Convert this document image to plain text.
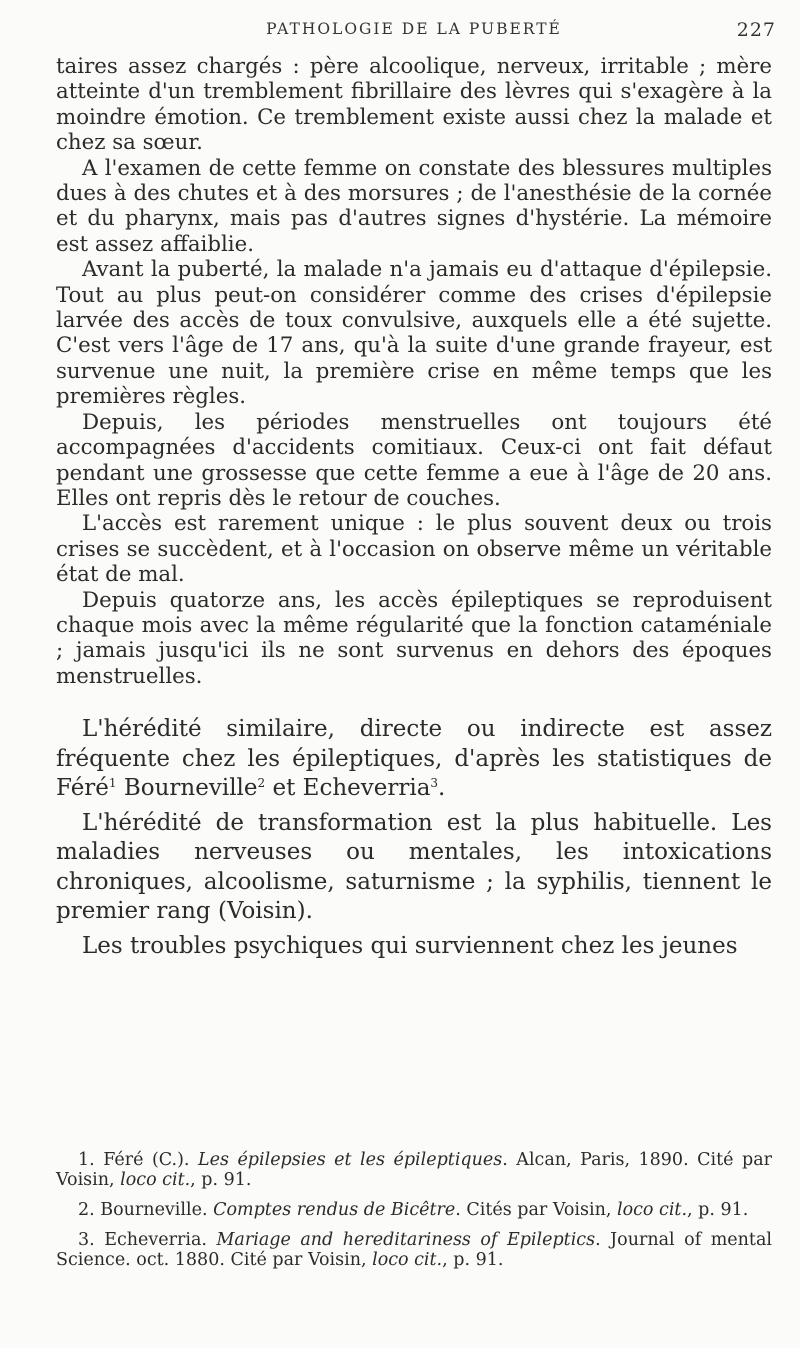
PATHOLOGIE DE LA PUBERTÉ	227

taires assez chargés : père alcoolique, nerveux, irritable ; mère atteinte d'un tremblement fibrillaire des lèvres qui s'exagère à la moindre émotion. Ce tremblement existe aussi chez la malade et chez sa sœur.

A l'examen de cette femme on constate des blessures multiples dues à des chutes et à des morsures ; de l'anesthésie de la cornée et du pharynx, mais pas d'autres signes d'hystérie. La mémoire est assez affaiblie.

Avant la puberté, la malade n'a jamais eu d'attaque d'épilepsie. Tout au plus peut-on considérer comme des crises d'épilepsie larvée des accès de toux convulsive, auxquels elle a été sujette. C'est vers l'âge de 17 ans, qu'à la suite d'une grande frayeur, est survenue une nuit, la première crise en même temps que les premières règles.

Depuis, les périodes menstruelles ont toujours été accompagnées d'accidents comitiaux. Ceux-ci ont fait défaut pendant une grossesse que cette femme a eue à l'âge de 20 ans. Elles ont repris dès le retour de couches.

L'accès est rarement unique : le plus souvent deux ou trois crises se succèdent, et à l'occasion on observe même un véritable état de mal.

Depuis quatorze ans, les accès épileptiques se reproduisent chaque mois avec la même régularité que la fonction cataméniale ; jamais jusqu'ici ils ne sont survenus en dehors des époques menstruelles.

L'hérédité similaire, directe ou indirecte est assez fréquente chez les épileptiques, d'après les statistiques de Féré$^1$ Bourneville$^2$ et Echeverria$^3$.

L'hérédité de transformation est la plus habituelle. Les maladies nerveuses ou mentales, les intoxications chroniques, alcoolisme, saturnisme ; la syphilis, tiennent le premier rang (Voisin).

Les troubles psychiques qui surviennent chez les jeunes

1. Féré (C.). Les épilepsies et les épileptiques. Alcan, Paris, 1890. Cité par Voisin, loco cit., p. 91.

2. Bourneville. Comptes rendus de Bicêtre. Cités par Voisin, loco cit., p. 91.

3. Echeverria. Mariage and hereditariness of Epileptics. Journal of mental Science. oct. 1880. Cité par Voisin, loco cit., p. 91.
